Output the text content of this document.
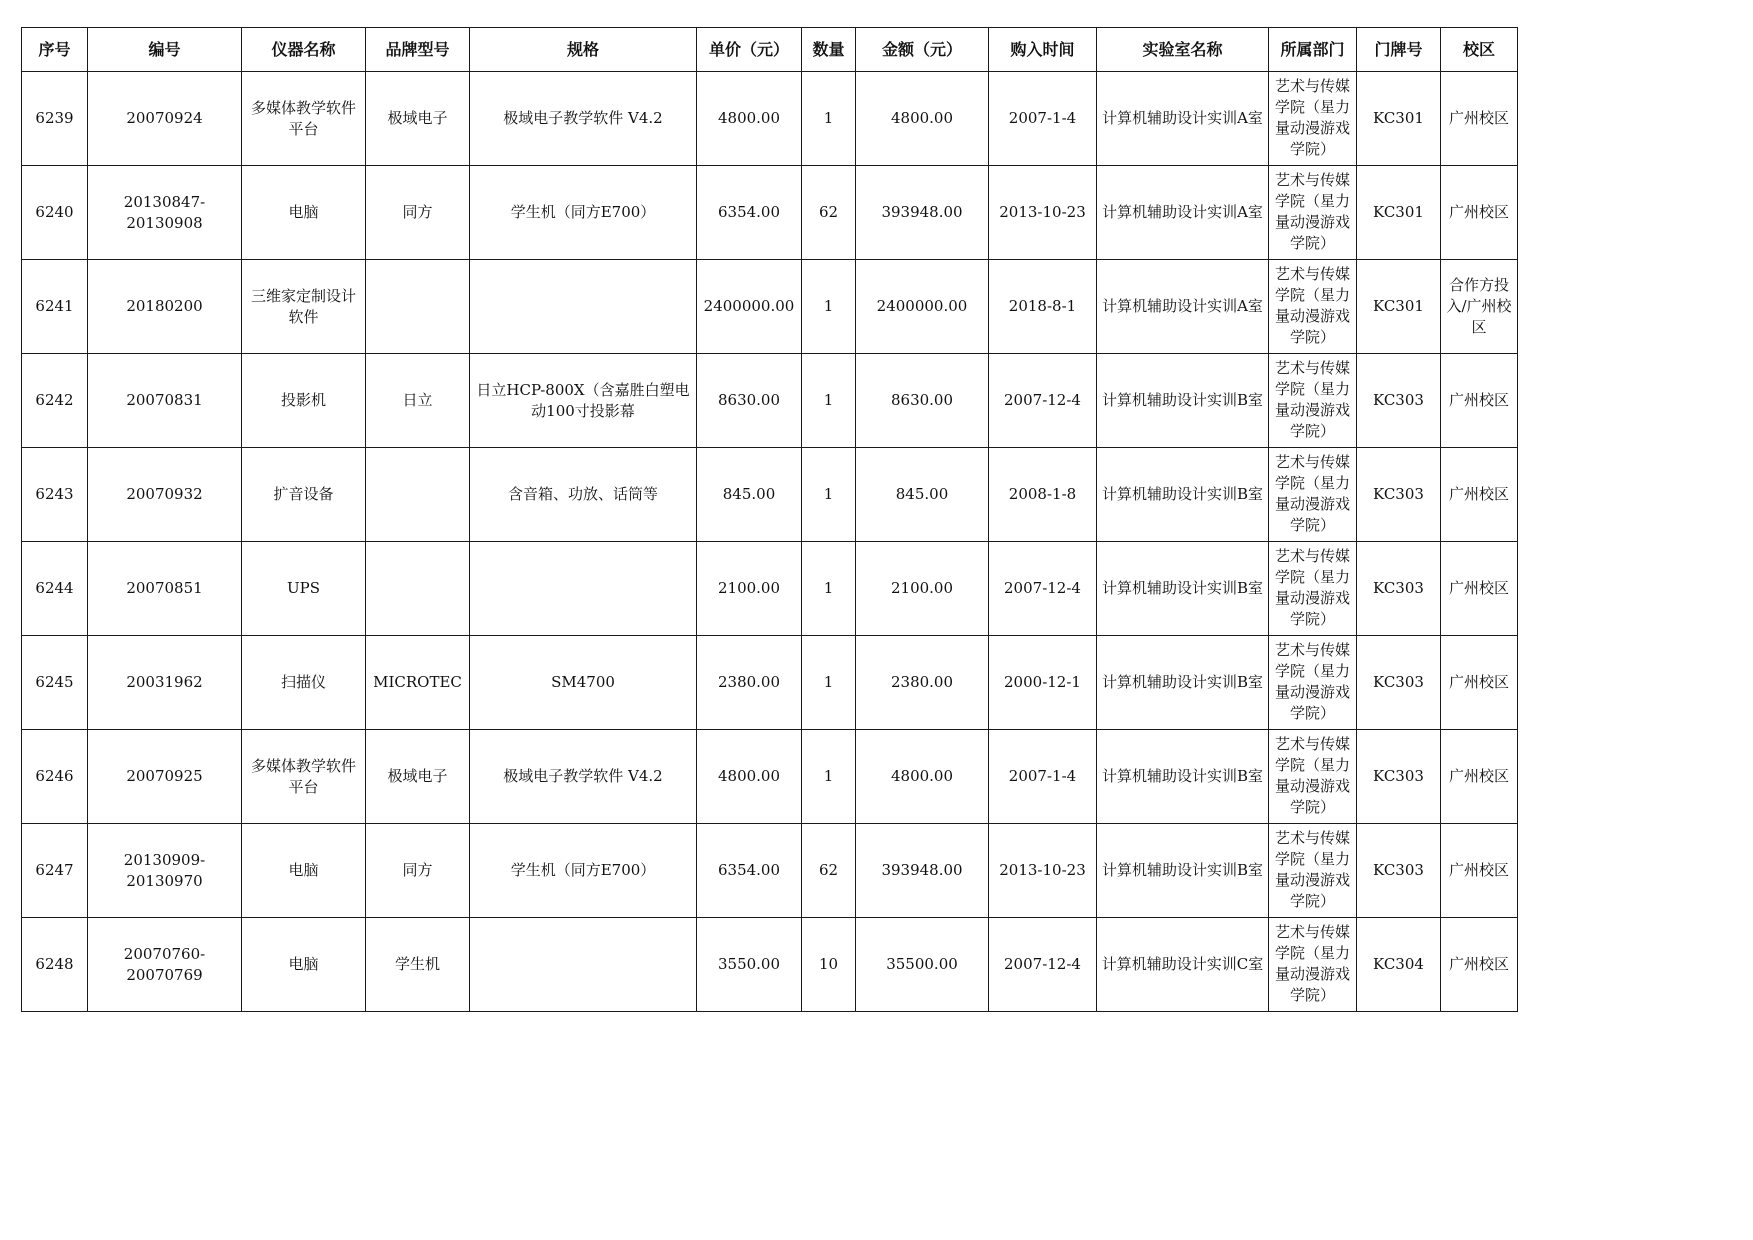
序号	编号	仪器名称	品牌型号	规格	单价（元）	数量	金额（元）	购入时间	实验室名称	所属部门	门牌号	校区
6239	20070924	多媒体教学软件平台	极域电子	极域电子教学软件 V4.2	4800.00	1	4800.00	2007-1-4	计算机辅助设计实训A室	艺术与传媒学院（星力量动漫游戏学院）	KC301	广州校区
6240	20130847-20130908	电脑	同方	学生机（同方E700）	6354.00	62	393948.00	2013-10-23	计算机辅助设计实训A室	艺术与传媒学院（星力量动漫游戏学院）	KC301	广州校区
6241	20180200	三维家定制设计软件			2400000.00	1	2400000.00	2018-8-1	计算机辅助设计实训A室	艺术与传媒学院（星力量动漫游戏学院）	KC301	合作方投入/广州校区
6242	20070831	投影机	日立	日立HCP-800X（含嘉胜白塑电动100寸投影幕	8630.00	1	8630.00	2007-12-4	计算机辅助设计实训B室	艺术与传媒学院（星力量动漫游戏学院）	KC303	广州校区
6243	20070932	扩音设备		含音箱、功放、话筒等	845.00	1	845.00	2008-1-8	计算机辅助设计实训B室	艺术与传媒学院（星力量动漫游戏学院）	KC303	广州校区
6244	20070851	UPS			2100.00	1	2100.00	2007-12-4	计算机辅助设计实训B室	艺术与传媒学院（星力量动漫游戏学院）	KC303	广州校区
6245	20031962	扫描仪	MICROTEC	SM4700	2380.00	1	2380.00	2000-12-1	计算机辅助设计实训B室	艺术与传媒学院（星力量动漫游戏学院）	KC303	广州校区
6246	20070925	多媒体教学软件平台	极域电子	极域电子教学软件 V4.2	4800.00	1	4800.00	2007-1-4	计算机辅助设计实训B室	艺术与传媒学院（星力量动漫游戏学院）	KC303	广州校区
6247	20130909-20130970	电脑	同方	学生机（同方E700）	6354.00	62	393948.00	2013-10-23	计算机辅助设计实训B室	艺术与传媒学院（星力量动漫游戏学院）	KC303	广州校区
6248	20070760-20070769	电脑	学生机		3550.00	10	35500.00	2007-12-4	计算机辅助设计实训C室	艺术与传媒学院（星力量动漫游戏学院）	KC304	广州校区
